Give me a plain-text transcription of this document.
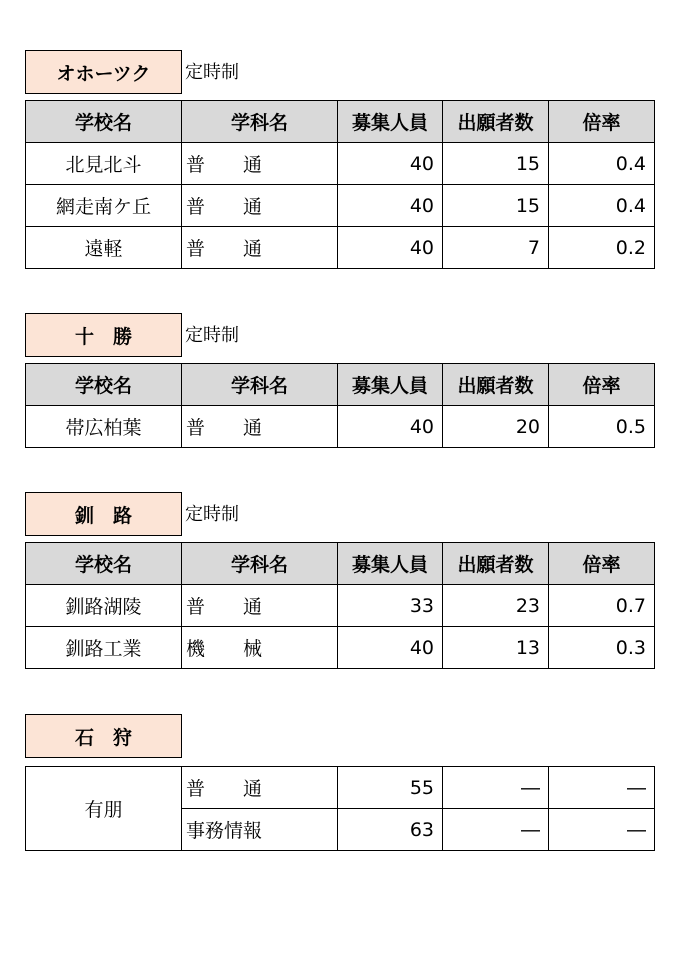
オホーツク	定時制
学校名	学科名	募集人員	出願者数	倍率
北見北斗	普　　通	40	15	0.4
網走南ケ丘	普　　通	40	15	0.4
遠軽	普　　通	40	7	0.2
十　勝	定時制
学校名	学科名	募集人員	出願者数	倍率
帯広柏葉	普　　通	40	20	0.5
釧　路	定時制
学校名	学科名	募集人員	出願者数	倍率
釧路湖陵	普　　通	33	23	0.7
釧路工業	機　　械	40	13	0.3
石　狩
有朋	普　　通	55	―	―
	事務情報	63	―	―
